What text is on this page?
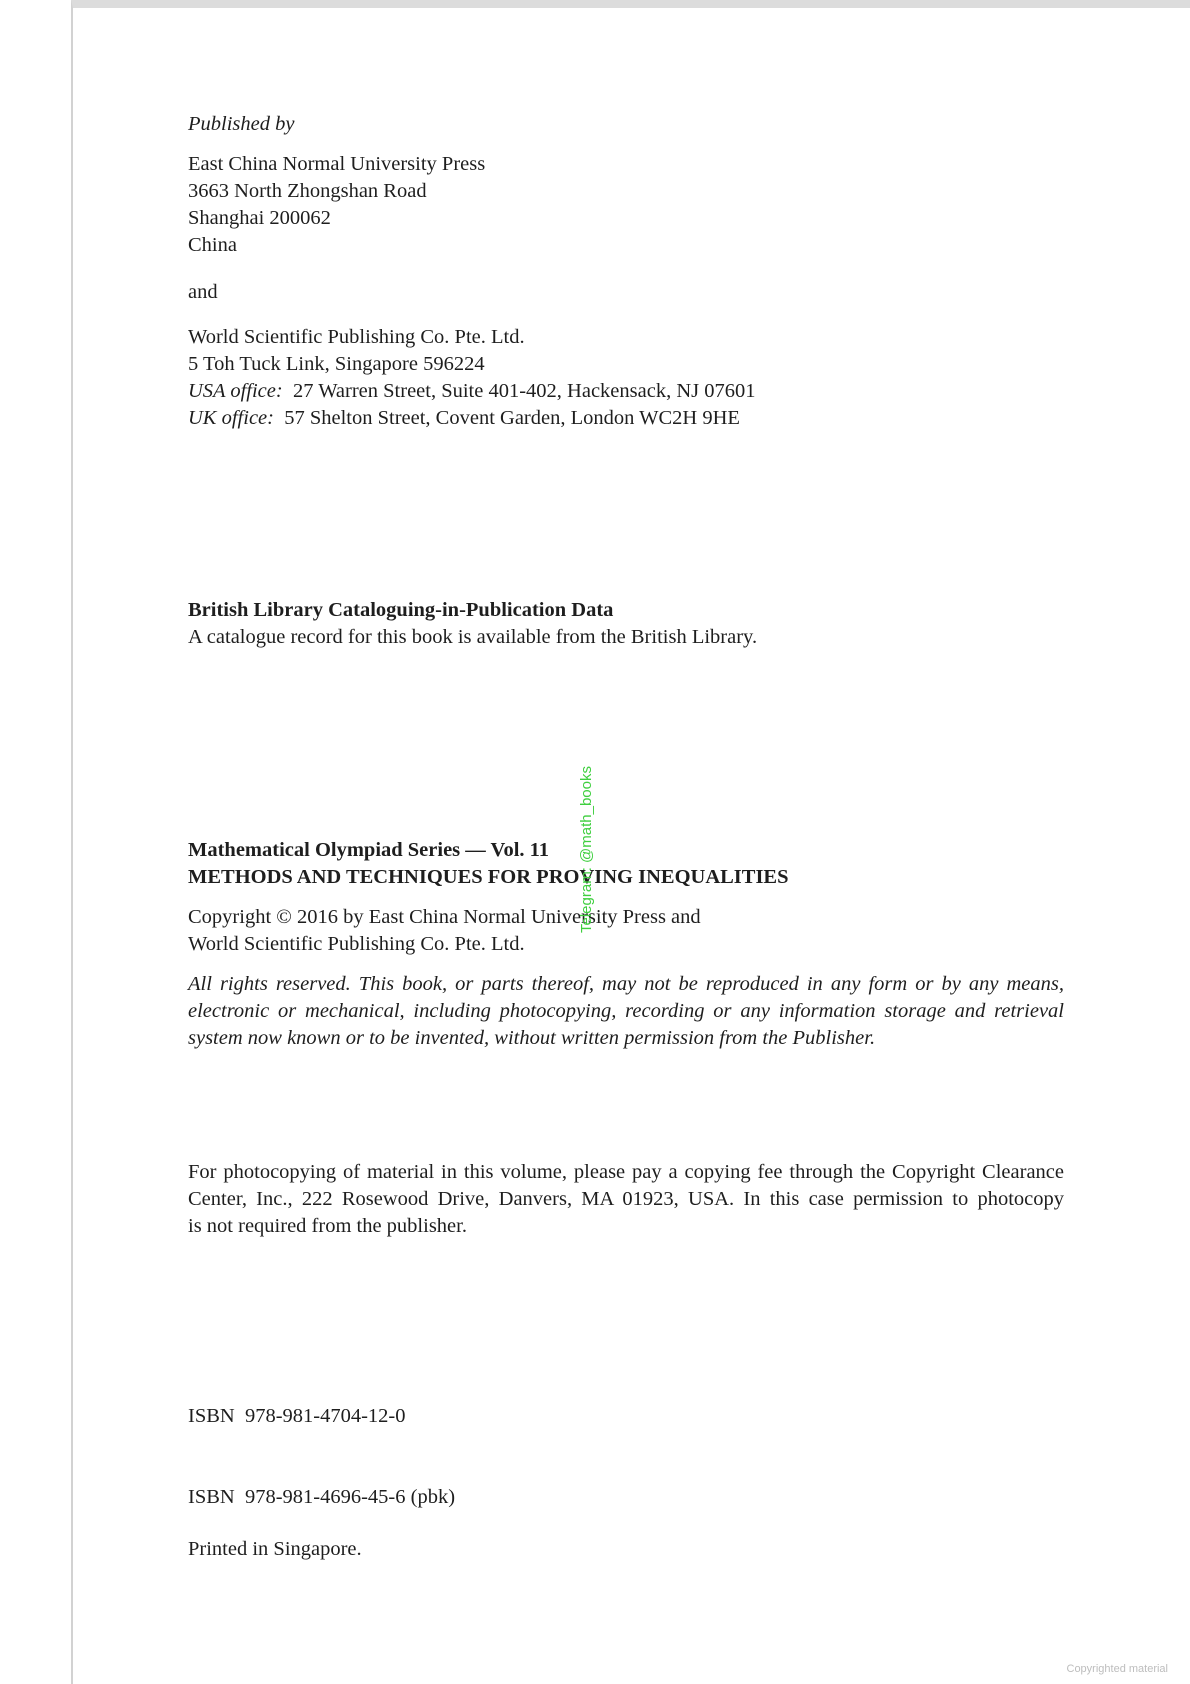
Published by
East China Normal University Press
3663 North Zhongshan Road
Shanghai 200062
China
and
World Scientific Publishing Co. Pte. Ltd.
5 Toh Tuck Link, Singapore 596224
USA office: 27 Warren Street, Suite 401-402, Hackensack, NJ 07601
UK office: 57 Shelton Street, Covent Garden, London WC2H 9HE
British Library Cataloguing-in-Publication Data
A catalogue record for this book is available from the British Library.
Mathematical Olympiad Series — Vol. 11
METHODS AND TECHNIQUES FOR PROVING INEQUALITIES
Copyright © 2016 by East China Normal University Press and
World Scientific Publishing Co. Pte. Ltd.
All rights reserved. This book, or parts thereof, may not be reproduced in any form or by any means,
electronic or mechanical, including photocopying, recording or any information storage and retrieval
system now known or to be invented, without written permission from the Publisher.
For photocopying of material in this volume, please pay a copying fee through the Copyright Clearance
Center, Inc., 222 Rosewood Drive, Danvers, MA 01923, USA. In this case permission to photocopy
is not required from the publisher.

ISBN  978-981-4704-12-0

ISBN  978-981-4696-45-6 (pbk)

Printed in Singapore.
Telegram: @math_books
Copyrighted material
